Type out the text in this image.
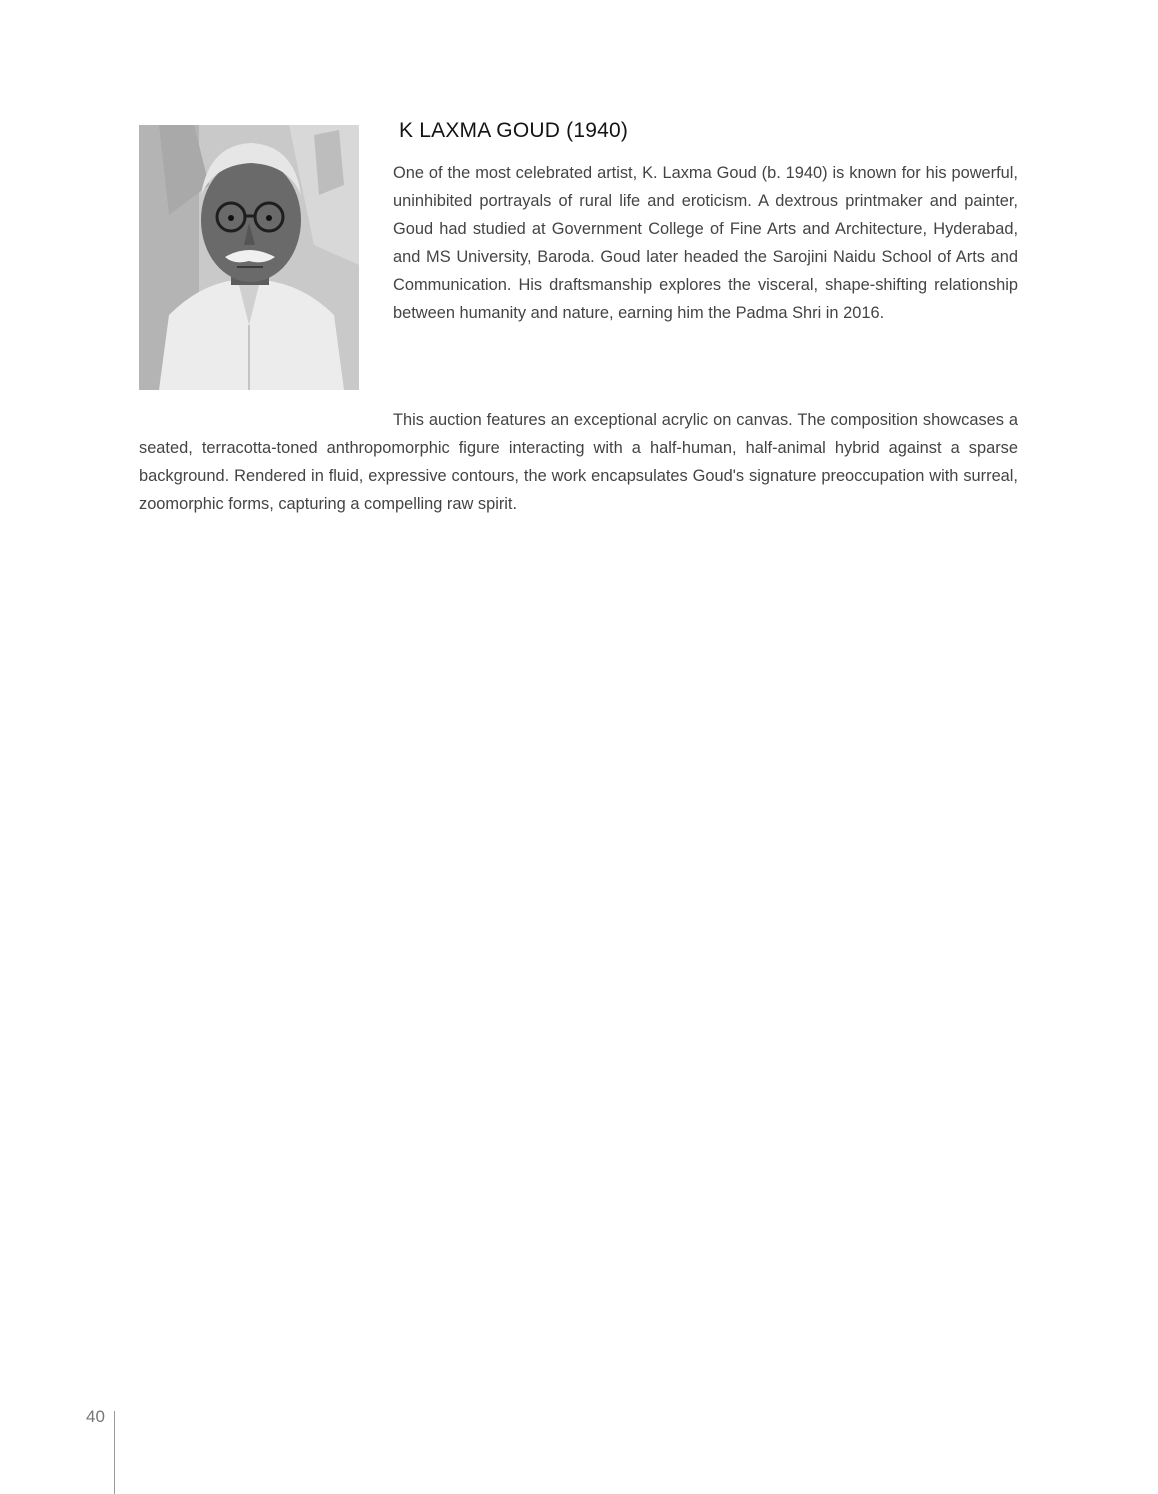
K LAXMA GOUD (1940)

One of the most celebrated artist, K. Laxma Goud (b. 1940) is known for his powerful, uninhibited portrayals of rural life and eroticism. A dextrous printmaker and painter, Goud had studied at Government College of Fine Arts and Architecture, Hyderabad, and MS University, Baroda. Goud later headed the Sarojini Naidu School of Arts and Communication. His draftsmanship explores the visceral, shape-shifting relationship between humanity and nature, earning him the Padma Shri in 2016.

This auction features an exceptional acrylic on canvas. The composition showcases a seated, terracotta-toned anthropomorphic figure interacting with a half-human, half-animal hybrid against a sparse background. Rendered in fluid, expressive contours, the work encapsulates Goud's signature preoccupation with surreal, zoomorphic forms, capturing a compelling raw spirit.

40
